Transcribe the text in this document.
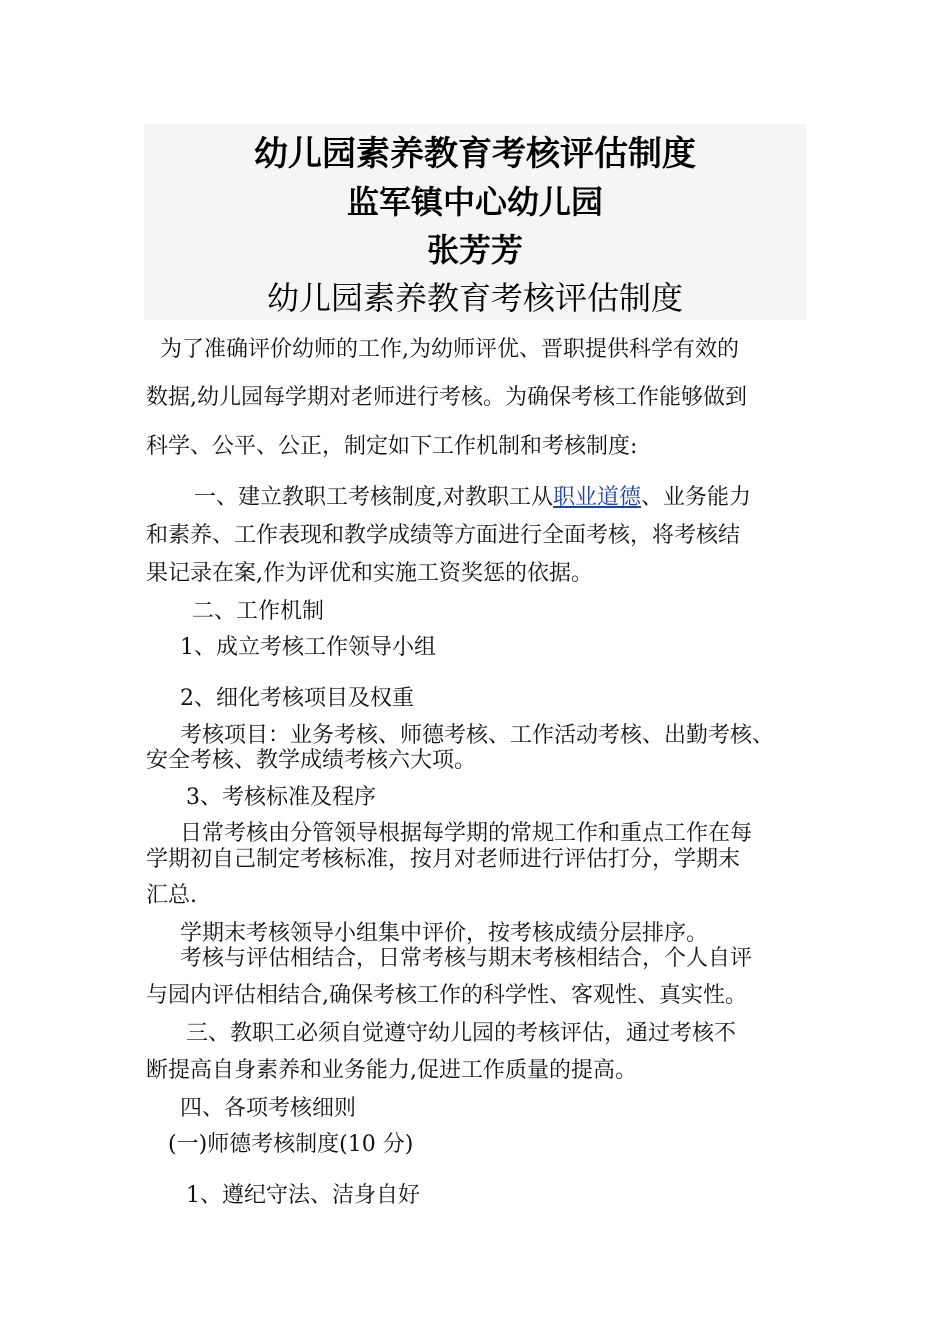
幼儿园素养教育考核评估制度
监军镇中心幼儿园
张芳芳
幼儿园素养教育考核评估制度
为了准确评价幼师的工作,为幼师评优、晋职提供科学有效的
数据,幼儿园每学期对老师进行考核。为确保考核工作能够做到
科学、公平、公正，制定如下工作机制和考核制度:
一、建立教职工考核制度,对教职工从职业道德、业务能力
和素养、工作表现和教学成绩等方面进行全面考核，将考核结
果记录在案,作为评优和实施工资奖惩的依据。
二、工作机制
1、成立考核工作领导小组
2、细化考核项目及权重
考核项目：业务考核、师德考核、工作活动考核、出勤考核、
安全考核、教学成绩考核六大项。
3、考核标准及程序
日常考核由分管领导根据每学期的常规工作和重点工作在每
学期初自己制定考核标准，按月对老师进行评估打分，学期末
汇总.
学期末考核领导小组集中评价，按考核成绩分层排序。
考核与评估相结合，日常考核与期末考核相结合，个人自评
与园内评估相结合,确保考核工作的科学性、客观性、真实性。
三、教职工必须自觉遵守幼儿园的考核评估，通过考核不
断提高自身素养和业务能力,促进工作质量的提高。
四、各项考核细则
(一)师德考核制度(10 分)
1、遵纪守法、洁身自好
